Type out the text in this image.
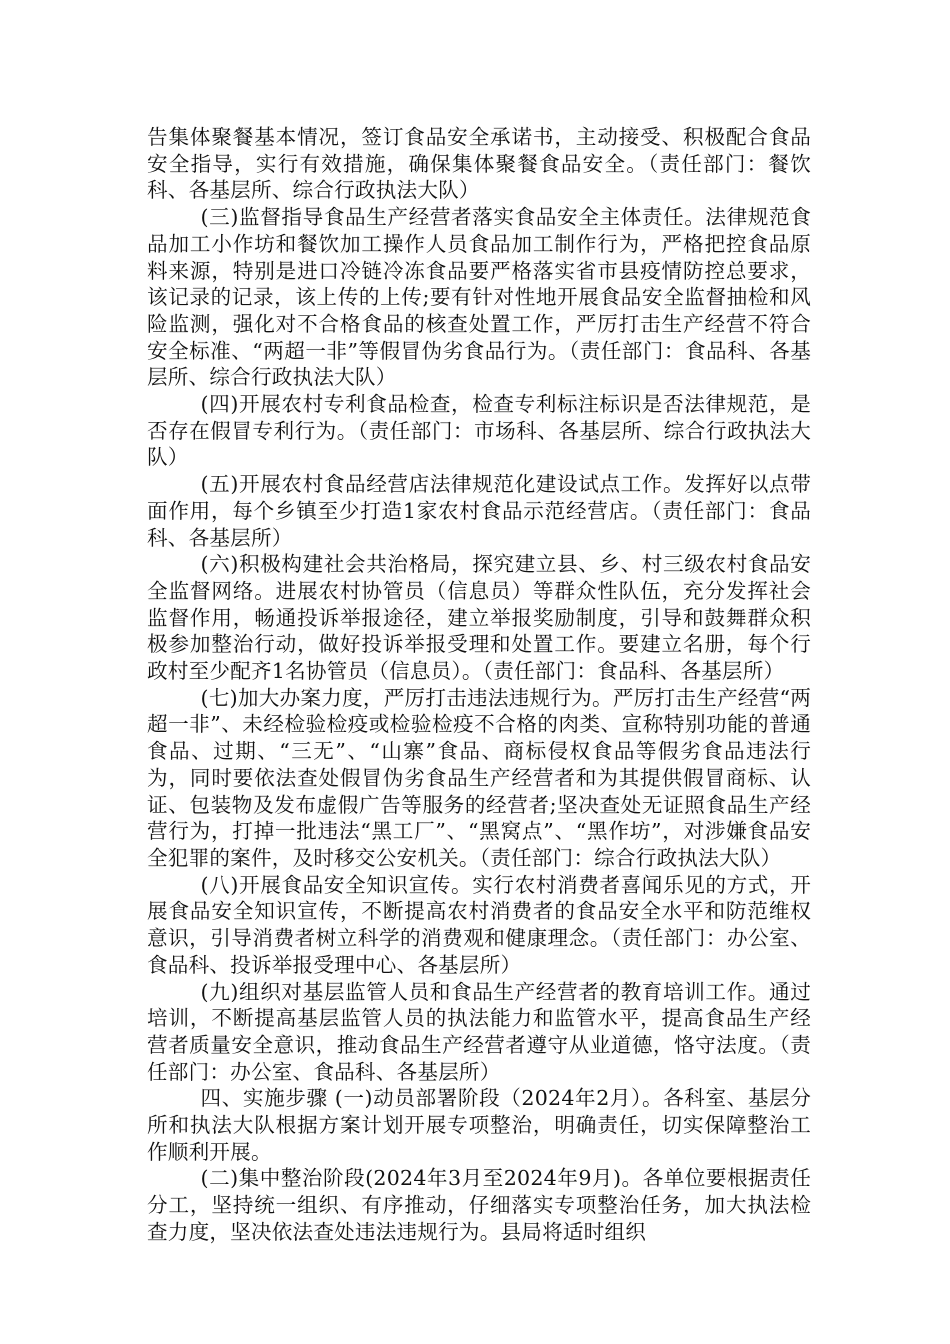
告集体聚餐基本情况，签订食品安全承诺书，主动接受、积极配合食品安全指导，实行有效措施，确保集体聚餐食品安全。（责任部门：餐饮科、各基层所、综合行政执法大队）

(三)监督指导食品生产经营者落实食品安全主体责任。法律规范食品加工小作坊和餐饮加工操作人员食品加工制作行为，严格把控食品原料来源，特别是进口冷链冷冻食品要严格落实省市县疫情防控总要求，该记录的记录，该上传的上传;要有针对性地开展食品安全监督抽检和风险监测，强化对不合格食品的核查处置工作，严厉打击生产经营不符合安全标准、“两超一非”等假冒伪劣食品行为。（责任部门：食品科、各基层所、综合行政执法大队）

(四)开展农村专利食品检查，检查专利标注标识是否法律规范，是否存在假冒专利行为。（责任部门：市场科、各基层所、综合行政执法大队）

(五)开展农村食品经营店法律规范化建设试点工作。发挥好以点带面作用，每个乡镇至少打造1家农村食品示范经营店。（责任部门：食品科、各基层所）

(六)积极构建社会共治格局，探究建立县、乡、村三级农村食品安全监督网络。进展农村协管员（信息员）等群众性队伍，充分发挥社会监督作用，畅通投诉举报途径，建立举报奖励制度，引导和鼓舞群众积极参加整治行动，做好投诉举报受理和处置工作。要建立名册，每个行政村至少配齐1名协管员（信息员）。（责任部门：食品科、各基层所）

(七)加大办案力度，严厉打击违法违规行为。严厉打击生产经营“两超一非”、未经检验检疫或检验检疫不合格的肉类、宣称特别功能的普通食品、过期、“三无”、“山寨”食品、商标侵权食品等假劣食品违法行为，同时要依法查处假冒伪劣食品生产经营者和为其提供假冒商标、认证、包装物及发布虚假广告等服务的经营者;坚决查处无证照食品生产经营行为，打掉一批违法“黑工厂”、“黑窝点”、“黑作坊”，对涉嫌食品安全犯罪的案件，及时移交公安机关。（责任部门：综合行政执法大队）

(八)开展食品安全知识宣传。实行农村消费者喜闻乐见的方式，开展食品安全知识宣传，不断提高农村消费者的食品安全水平和防范维权意识，引导消费者树立科学的消费观和健康理念。（责任部门：办公室、食品科、投诉举报受理中心、各基层所）

(九)组织对基层监管人员和食品生产经营者的教育培训工作。通过培训，不断提高基层监管人员的执法能力和监管水平，提高食品生产经营者质量安全意识，推动食品生产经营者遵守从业道德，恪守法度。（责任部门：办公室、食品科、各基层所）

四、实施步骤 (一)动员部署阶段（2024年2月）。各科室、基层分所和执法大队根据方案计划开展专项整治，明确责任，切实保障整治工作顺利开展。

(二)集中整治阶段(2024年3月至2024年9月)。各单位要根据责任分工，坚持统一组织、有序推动，仔细落实专项整治任务，加大执法检查力度，坚决依法查处违法违规行为。县局将适时组织
